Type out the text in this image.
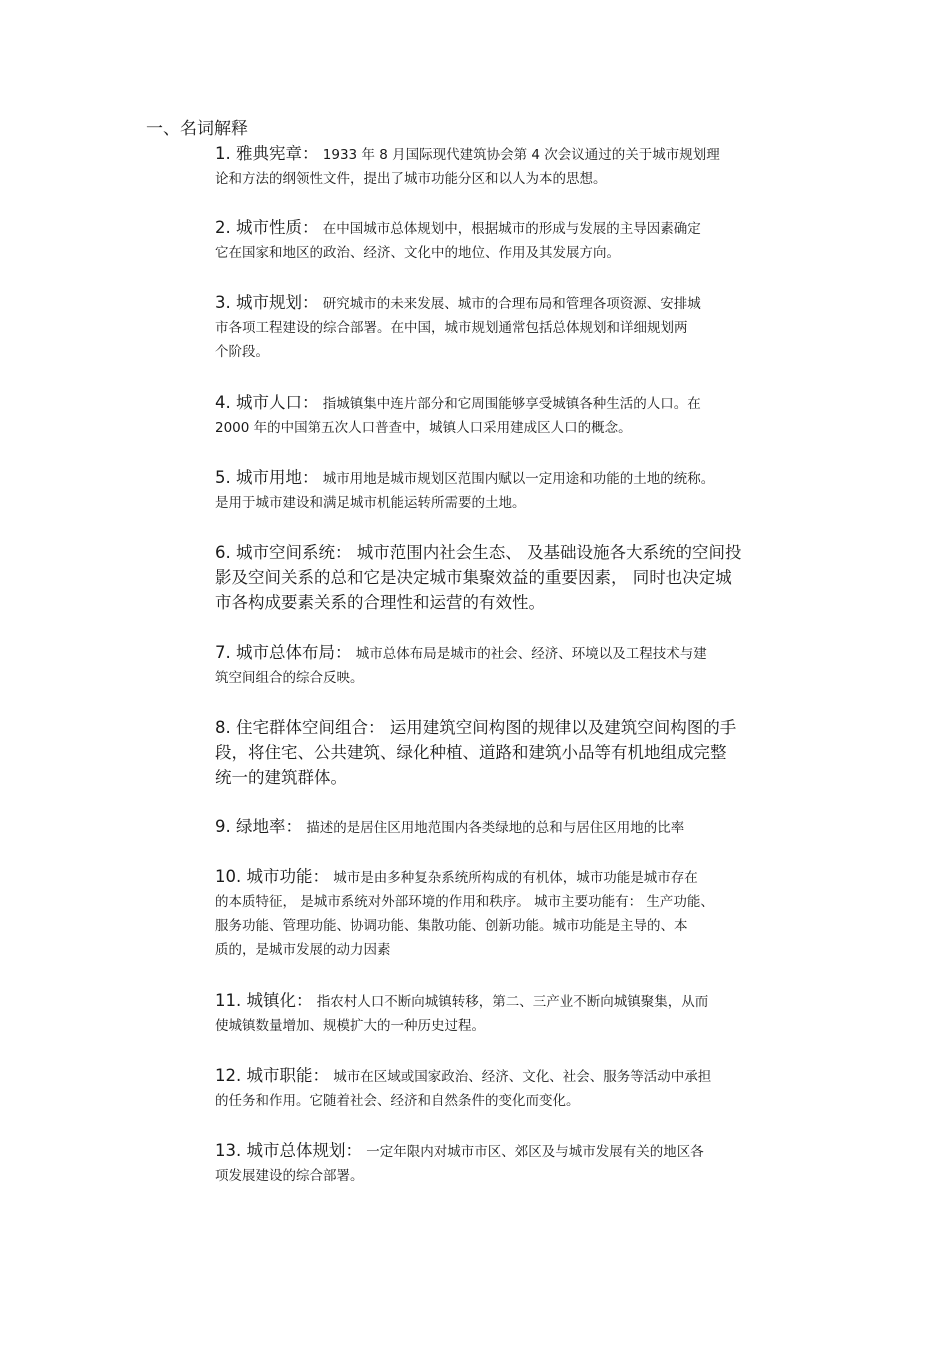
一、名词解释
1. 雅典宪章： 1933 年 8 月国际现代建筑协会第 4 次会议通过的关于城市规划理
论和方法的纲领性文件，提出了城市功能分区和以人为本的思想。
2. 城市性质： 在中国城市总体规划中，根据城市的形成与发展的主导因素确定
它在国家和地区的政治、经济、文化中的地位、作用及其发展方向。
3. 城市规划： 研究城市的未来发展、城市的合理布局和管理各项资源、安排城
市各项工程建设的综合部署。在中国，城市规划通常包括总体规划和详细规划两
个阶段。
4. 城市人口： 指城镇集中连片部分和它周围能够享受城镇各种生活的人口。在
2000 年的中国第五次人口普查中，城镇人口采用建成区人口的概念。
5. 城市用地： 城市用地是城市规划区范围内赋以一定用途和功能的土地的统称。
是用于城市建设和满足城市机能运转所需要的土地。
6. 城市空间系统： 城市范围内社会生态、 及基础设施各大系统的空间投
影及空间关系的总和它是决定城市集聚效益的重要因素， 同时也决定城
市各构成要素关系的合理性和运营的有效性。
7. 城市总体布局： 城市总体布局是城市的社会、经济、环境以及工程技术与建
筑空间组合的综合反映。
8. 住宅群体空间组合： 运用建筑空间构图的规律以及建筑空间构图的手
段，将住宅、公共建筑、绿化种植、道路和建筑小品等有机地组成完整
统一的建筑群体。
9. 绿地率： 描述的是居住区用地范围内各类绿地的总和与居住区用地的比率
10. 城市功能： 城市是由多种复杂系统所构成的有机体，城市功能是城市存在
的本质特征， 是城市系统对外部环境的作用和秩序。 城市主要功能有： 生产功能、
服务功能、管理功能、协调功能、集散功能、创新功能。城市功能是主导的、本
质的，是城市发展的动力因素
11. 城镇化： 指农村人口不断向城镇转移，第二、三产业不断向城镇聚集，从而
使城镇数量增加、规模扩大的一种历史过程。
12. 城市职能： 城市在区域或国家政治、经济、文化、社会、服务等活动中承担
的任务和作用。它随着社会、经济和自然条件的变化而变化。
13. 城市总体规划： 一定年限内对城市市区、郊区及与城市发展有关的地区各
项发展建设的综合部署。
